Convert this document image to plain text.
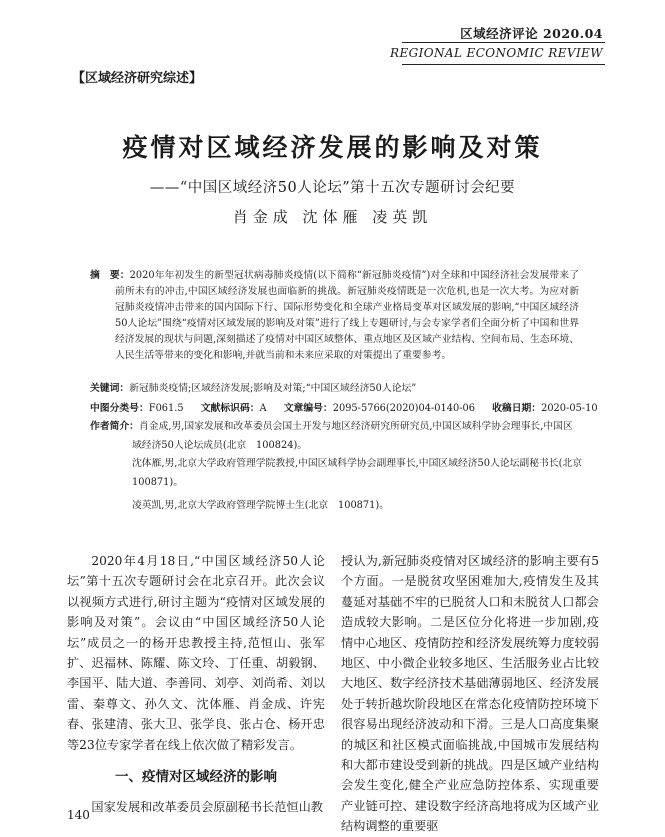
区域经济评论 2020.04
REGIONAL ECONOMIC REVIEW
【区域经济研究综述】
疫情对区域经济发展的影响及对策
——“中国区域经济50人论坛”第十五次专题研讨会纪要
肖金成 沈体雁 凌英凯
摘　要：2020年年初发生的新型冠状病毒肺炎疫情(以下简称“新冠肺炎疫情”)对全球和中国经济社会发展带来了前所未有的冲击,中国区域经济发展也面临新的挑战。新冠肺炎疫情既是一次危机,也是一次大考。为应对新冠肺炎疫情冲击带来的国内国际下行、国际形势变化和全球产业格局变革对区域发展的影响,“中国区域经济50人论坛”围绕“疫情对区域发展的影响及对策”进行了线上专题研讨,与会专家学者们全面分析了中国和世界经济发展的现状与问题,深刻描述了疫情对中国区域整体、重点地区及区域产业结构、空间布局、生态环境、人民生活等带来的变化和影响,并就当前和未来应采取的对策提出了重要参考。
关键词：新冠肺炎疫情;区域经济发展;影响及对策;“中国区域经济50人论坛”
中图分类号：F061.5 文献标识码：A 文章编号：2095-5766(2020)04-0140-06 收稿日期：2020-05-10
作者简介：肖金成,男,国家发展和改革委员会国土开发与地区经济研究所研究员,中国区域科学协会理事长,中国区域经济50人论坛成员(北京　100824)。
沈体雁,男,北京大学政府管理学院教授,中国区域科学协会副理事长,中国区域经济50人论坛副秘书长(北京　100871)。
凌英凯,男,北京大学政府管理学院博士生(北京　100871)。

2020年4月18日,“中国区域经济50人论坛”第十五次专题研讨会在北京召开。此次会议以视频方式进行,研讨主题为“疫情对区域发展的影响及对策”。会议由“中国区域经济50人论坛”成员之一的杨开忠教授主持,范恒山、张军扩、迟福林、陈耀、陈文玲、丁任重、胡毅钢、李国平、陆大道、李善同、刘亭、刘尚希、刘以雷、秦尊文、孙久文、沈体雁、肖金成、许宪春、张建清、张大卫、张学良、张占仓、杨开忠等23位专家学者在线上依次做了精彩发言。

一、疫情对区域经济的影响

国家发展和改革委员会原副秘书长范恒山教

授认为,新冠肺炎疫情对区域经济的影响主要有5个方面。一是脱贫攻坚困难加大,疫情发生及其蔓延对基础不牢的已脱贫人口和未脱贫人口都会造成较大影响。二是区位分化将进一步加剧,疫情中心地区、疫情防控和经济发展统筹力度较弱地区、中小微企业较多地区、生活服务业占比较大地区、数字经济技术基础薄弱地区、经济发展处于转折越坎阶段地区在常态化疫情防控环境下很容易出现经济波动和下滑。三是人口高度集聚的城区和社区模式面临挑战,中国城市发展结构和大都市建设受到新的挑战。四是区域产业结构会发生变化,健全产业应急防控体系、实现重要产业链可控、建设数字经济高地将成为区域产业结构调整的重要驱

140
